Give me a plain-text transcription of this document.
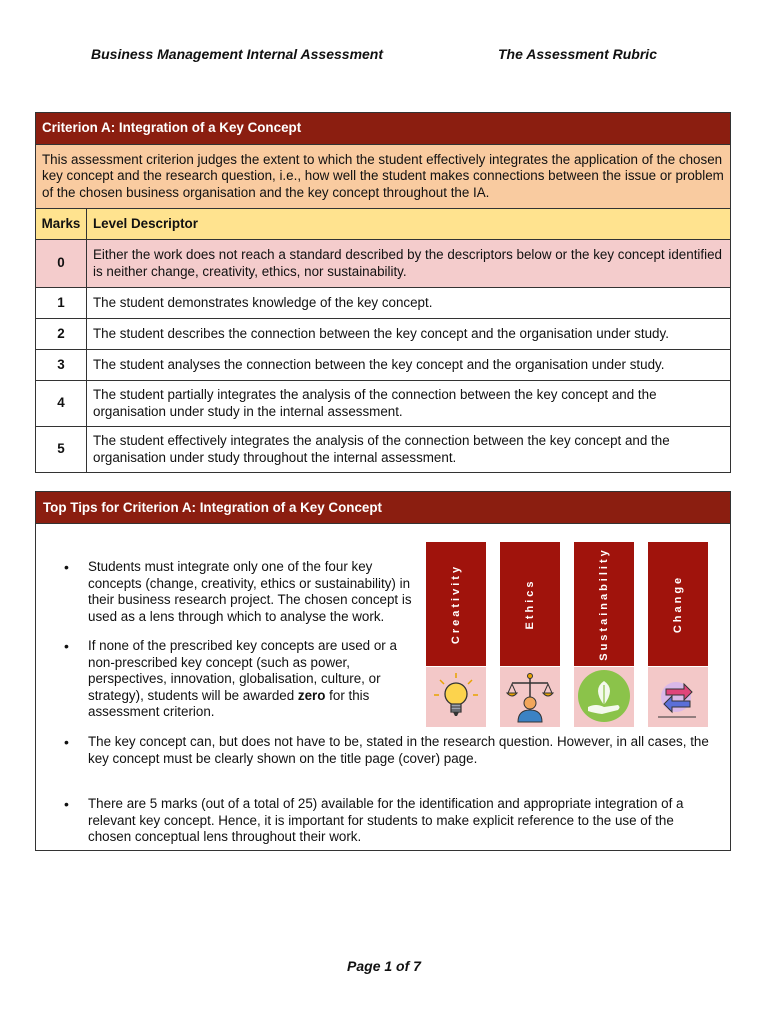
Business Management Internal Assessment	The Assessment Rubric
Criterion A: Integration of a Key Concept	
This assessment criterion judges the extent to which the student effectively integrates the application of the chosen key concept and the research question, i.e., how well the student makes connections between the issue or problem of the chosen business organisation and the key concept throughout the IA.	
Marks	Level Descriptor
0	Either the work does not reach a standard described by the descriptors below or the key concept identified is neither change, creativity, ethics, nor sustainability.
1	The student demonstrates knowledge of the key concept.
2	The student describes the connection between the key concept and the organisation under study.
3	The student analyses the connection between the key concept and the organisation under study.
4	The student partially integrates the analysis of the connection between the key concept and the organisation under study in the internal assessment.
5	The student effectively integrates the analysis of the connection between the key concept and the organisation under study throughout the internal assessment.
Top Tips for Criterion A: Integration of a Key Concept
• Students must integrate only one of the four key concepts (change, creativity, ethics or sustainability) in their business research project. The chosen concept is used as a lens through which to analyse the work.
• If none of the prescribed key concepts are used or a non-prescribed key concept (such as power, perspectives, innovation, globalisation, culture, or strategy), students will be awarded zero for this assessment criterion.
• The key concept can, but does not have to be, stated in the research question. However, in all cases, the key concept must be clearly shown on the title page (cover) page.
• There are 5 marks (out of a total of 25) available for the identification and appropriate integration of a relevant key concept. Hence, it is important for students to make explicit reference to the use of the chosen conceptual lens throughout their work.
Creativity	Ethics	Sustainability	Change
Page 1 of 7
